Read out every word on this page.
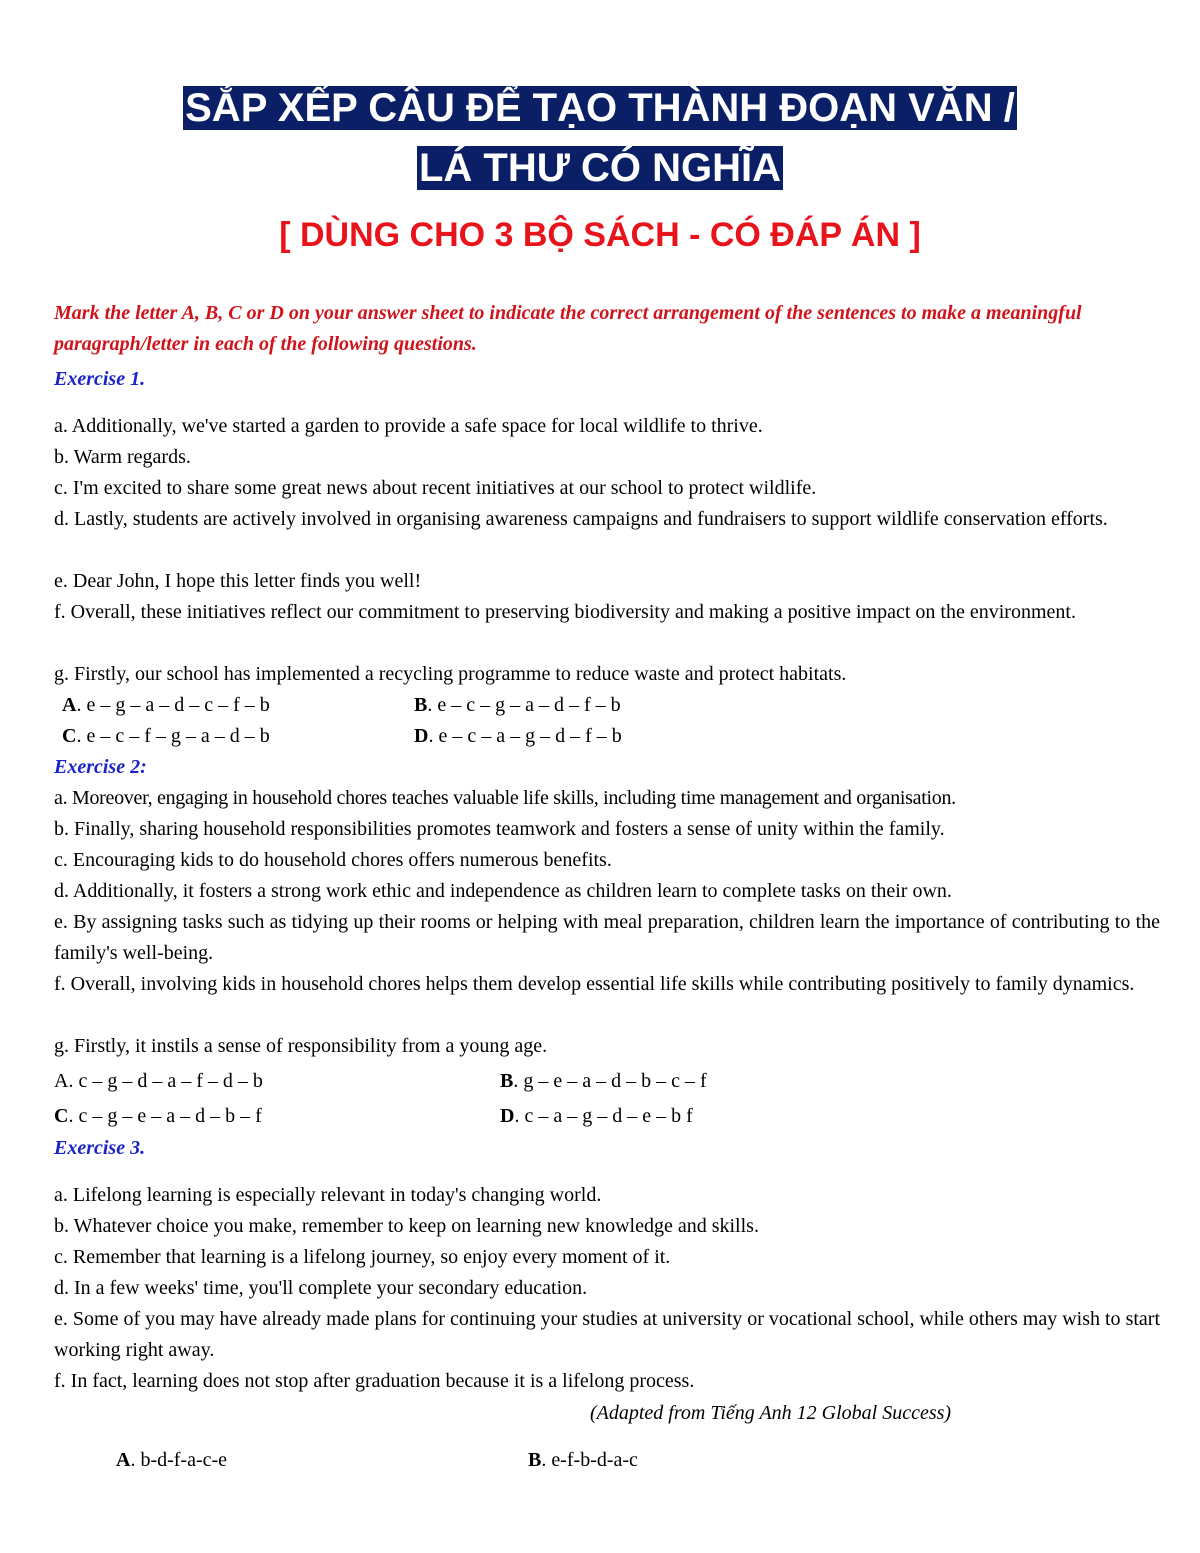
SẮP XẾP CÂU ĐỂ TẠO THÀNH ĐOẠN VĂN /
LÁ THƯ CÓ NGHĨA
[ DÙNG CHO 3 BỘ SÁCH - CÓ ĐÁP ÁN ]
Mark the letter A, B, C or D on your answer sheet to indicate the correct arrangement of the sentences to make a meaningful paragraph/letter in each of the following questions.
Exercise 1.
a. Additionally, we've started a garden to provide a safe space for local wildlife to thrive.
b. Warm regards.
c. I'm excited to share some great news about recent initiatives at our school to protect wildlife.
d. Lastly, students are actively involved in organising awareness campaigns and fundraisers to support wildlife conservation efforts.
e. Dear John, I hope this letter finds you well!
f. Overall, these initiatives reflect our commitment to preserving biodiversity and making a positive impact on the environment.
g. Firstly, our school has implemented a recycling programme to reduce waste and protect habitats.
A. e – g – a – d – c – f – b	B. e – c – g – a – d – f – b
C. e – c – f – g – a – d – b	D. e – c – a – g – d – f – b
Exercise 2:
a. Moreover, engaging in household chores teaches valuable life skills, including time management and organisation.
b. Finally, sharing household responsibilities promotes teamwork and fosters a sense of unity within the family.
c. Encouraging kids to do household chores offers numerous benefits.
d. Additionally, it fosters a strong work ethic and independence as children learn to complete tasks on their own.
e. By assigning tasks such as tidying up their rooms or helping with meal preparation, children learn the importance of contributing to the family's well-being.
f. Overall, involving kids in household chores helps them develop essential life skills while contributing positively to family dynamics.
g. Firstly, it instils a sense of responsibility from a young age.
A. c – g – d – a – f – d – b	B. g – e – a – d – b – c – f
C. c – g – e – a – d – b – f	D. c – a – g – d – e – b f
Exercise 3.
a. Lifelong learning is especially relevant in today's changing world.
b. Whatever choice you make, remember to keep on learning new knowledge and skills.
c. Remember that learning is a lifelong journey, so enjoy every moment of it.
d. In a few weeks' time, you'll complete your secondary education.
e. Some of you may have already made plans for continuing your studies at university or vocational school, while others may wish to start working right away.
f. In fact, learning does not stop after graduation because it is a lifelong process.
(Adapted from Tiếng Anh 12 Global Success)
A. b-d-f-a-c-e	B. e-f-b-d-a-c
